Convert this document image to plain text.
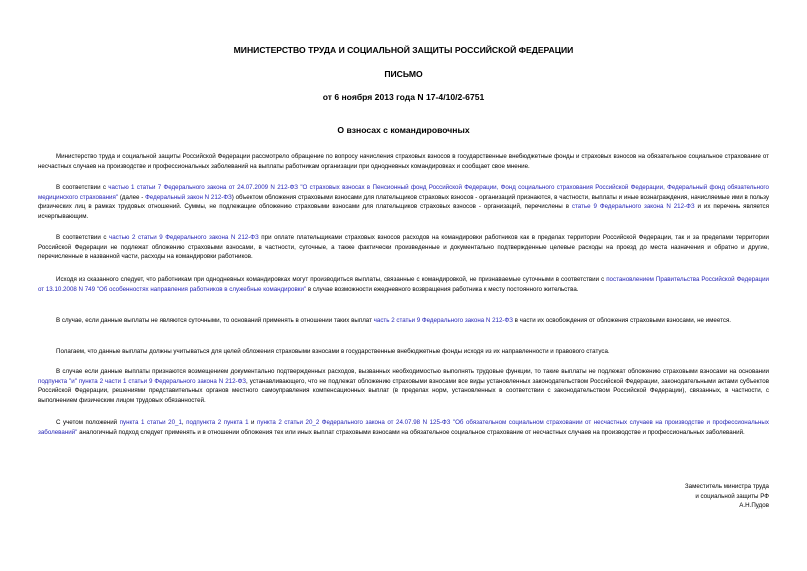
МИНИСТЕРСТВО ТРУДА И СОЦИАЛЬНОЙ ЗАЩИТЫ РОССИЙСКОЙ ФЕДЕРАЦИИ
ПИСЬМО
от 6 ноября 2013 года N 17-4/10/2-6751
О взносах с командировочных

Министерство труда и социальной защиты Российской Федерации рассмотрело обращение по вопросу начисления страховых взносов в государственные внебюджетные фонды и страховых взносов на обязательное социальное страхование от несчастных случаев на производстве и профессиональных заболеваний на выплаты работникам организации при однодневных командировках и сообщает свое мнение.

В соответствии с частью 1 статьи 7 Федерального закона от 24.07.2009 N 212-ФЗ "О страховых взносах в Пенсионный фонд Российской Федерации, Фонд социального страхования Российской Федерации, Федеральный фонд обязательного медицинского страхования" (далее - Федеральный закон N 212-ФЗ) объектом обложения страховыми взносами для плательщиков страховых взносов - организаций признаются, в частности, выплаты и иные вознаграждения, начисляемые ими в пользу физических лиц в рамках трудовых отношений. Суммы, не подлежащие обложению страховыми взносами для плательщиков страховых взносов - организаций, перечислены в статье 9 Федерального закона N 212-ФЗ и их перечень является исчерпывающим.

В соответствии с частью 2 статьи 9 Федерального закона N 212-ФЗ при оплате плательщиками страховых взносов расходов на командировки работников как в пределах территории Российской Федерации, так и за пределами территории Российской Федерации не подлежат обложению страховыми взносами, в частности, суточные, а также фактически произведенные и документально подтвержденные целевые расходы на проезд до места назначения и обратно и другие, перечисленные в названной части, расходы на командировки работников.

Исходя из сказанного следует, что работникам при однодневных командировках могут производиться выплаты, связанные с командировкой, не признаваемые суточными в соответствии с постановлением Правительства Российской Федерации от 13.10.2008 N 749 "Об особенностях направления работников в служебные командировки" в случае возможности ежедневного возвращения работника к месту постоянного жительства.

В случае, если данные выплаты не являются суточными, то оснований применять в отношении таких выплат часть 2 статьи 9 Федерального закона N 212-ФЗ в части их освобождения от обложения страховыми взносами, не имеется.

Полагаем, что данные выплаты должны учитываться для целей обложения страховыми взносами в государственные внебюджетные фонды исходя из их направленности и правового статуса.

В случае если данные выплаты признаются возмещением документально подтвержденных расходов, вызванных необходимостью выполнять трудовые функции, то такие выплаты не подлежат обложению страховыми взносами на основании подпункта "и" пункта 2 части 1 статьи 9 Федерального закона N 212-ФЗ, устанавливающего, что не подлежат обложению страховыми взносами все виды установленных законодательством Российской Федерации, законодательными актами субъектов Российской Федерации, решениями представительных органов местного самоуправления компенсационных выплат (в пределах норм, установленных в соответствии с законодательством Российской Федерации), связанных, в частности, с выполнением физическим лицом трудовых обязанностей.

С учетом положений пункта 1 статьи 20_1, подпункта 2 пункта 1 и пункта 2 статьи 20_2 Федерального закона от 24.07.98 N 125-ФЗ "Об обязательном социальном страховании от несчастных случаев на производстве и профессиональных заболеваний" аналогичный подход следует применять и в отношении обложения тех или иных выплат страховыми взносами на обязательное социальное страхование от несчастных случаев на производстве и профессиональных заболеваний.

Заместитель министра труда
и социальной защиты РФ
А.Н.Пудов
